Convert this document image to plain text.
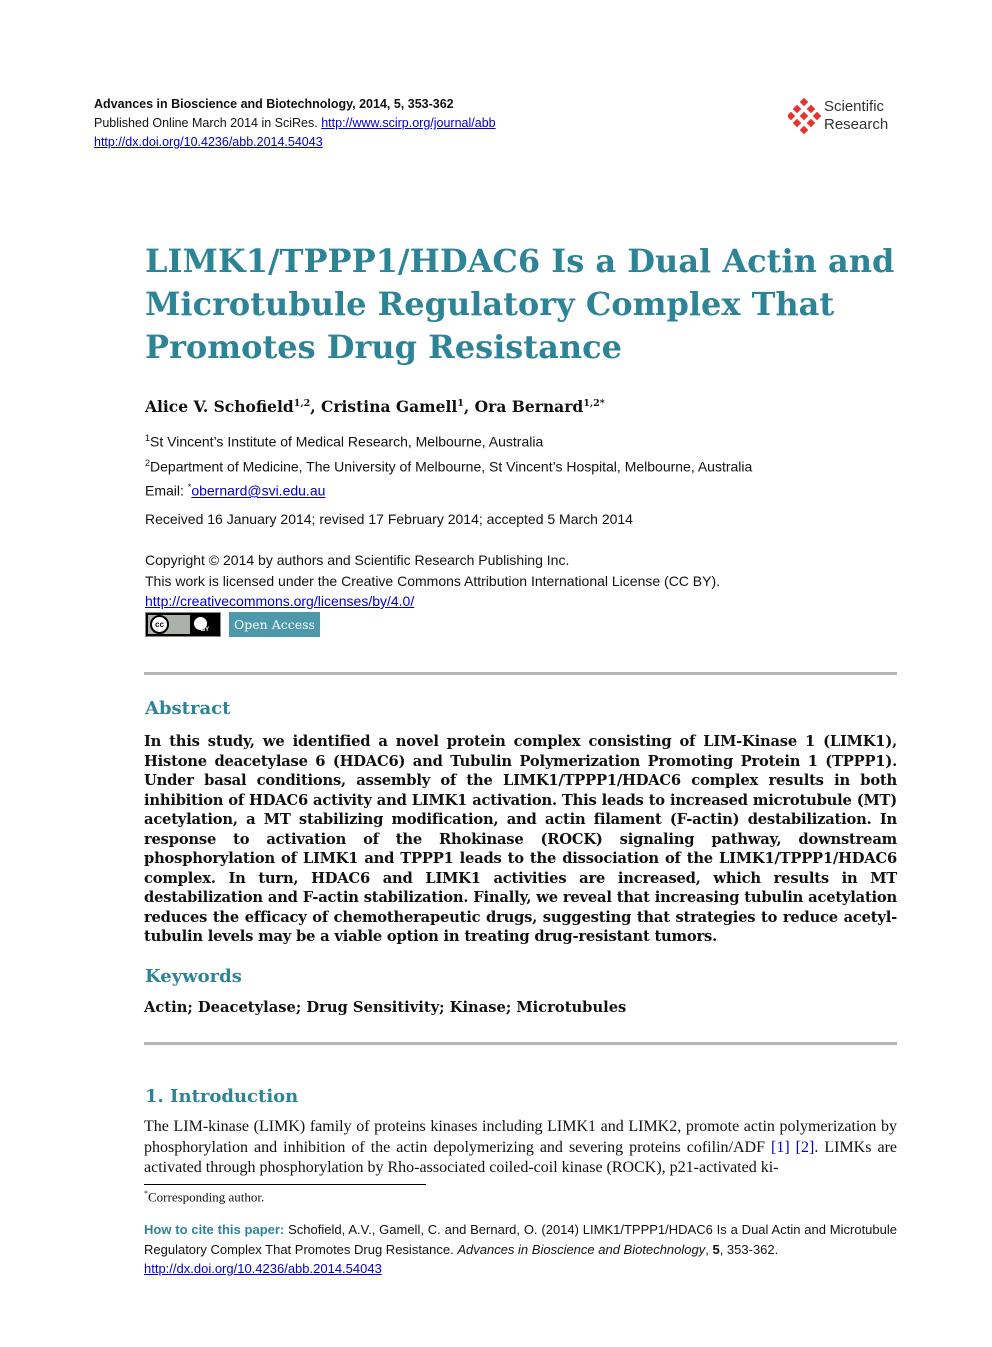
Advances in Bioscience and Biotechnology, 2014, 5, 353-362
Published Online March 2014 in SciRes. http://www.scirp.org/journal/abb
http://dx.doi.org/10.4236/abb.2014.54043
Scientific
Research
LIMK1/TPPP1/HDAC6 Is a Dual Actin and Microtubule Regulatory Complex That Promotes Drug Resistance
Alice V. Schofield$^{1,2}$, Cristina Gamell$^1$, Ora Bernard$^{1,2*}$
$^1$St Vincent’s Institute of Medical Research, Melbourne, Australia
$^2$Department of Medicine, The University of Melbourne, St Vincent’s Hospital, Melbourne, Australia
Email: *obernard@svi.edu.au
Received 16 January 2014; revised 17 February 2014; accepted 5 March 2014
Copyright © 2014 by authors and Scientific Research Publishing Inc.
This work is licensed under the Creative Commons Attribution International License (CC BY).
http://creativecommons.org/licenses/by/4.0/
cc
BY	Open Access
Abstract

In this study, we identified a novel protein complex consisting of LIM-Kinase 1 (LIMK1), Histone deacetylase 6 (HDAC6) and Tubulin Polymerization Promoting Protein 1 (TPPP1). Under basal conditions, assembly of the LIMK1/TPPP1/HDAC6 complex results in both inhibition of HDAC6 activity and LIMK1 activation. This leads to increased microtubule (MT) acetylation, a MT stabilizing modification, and actin filament (F-actin) destabilization. In response to activation of the Rhokinase (ROCK) signaling pathway, downstream phosphorylation of LIMK1 and TPPP1 leads to the dissociation of the LIMK1/TPPP1/HDAC6 complex. In turn, HDAC6 and LIMK1 activities are increased, which results in MT destabilization and F-actin stabilization. Finally, we reveal that increasing tubulin acetylation reduces the efficacy of chemotherapeutic drugs, suggesting that strategies to reduce acetyl-tubulin levels may be a viable option in treating drug-resistant tumors.

Keywords
Actin; Deacetylase; Drug Sensitivity; Kinase; Microtubules
1. Introduction

The LIM-kinase (LIMK) family of proteins kinases including LIMK1 and LIMK2, promote actin polymerization by phosphorylation and inhibition of the actin depolymerizing and severing proteins cofilin/ADF [1] [2]. LIMKs are activated through phosphorylation by Rho-associated coiled-coil kinase (ROCK), p21-activated ki-

*Corresponding author.
How to cite this paper: Schofield, A.V., Gamell, C. and Bernard, O. (2014) LIMK1/TPPP1/HDAC6 Is a Dual Actin and Microtubule Regulatory Complex That Promotes Drug Resistance. Advances in Bioscience and Biotechnology, 5, 353-362.
http://dx.doi.org/10.4236/abb.2014.54043
